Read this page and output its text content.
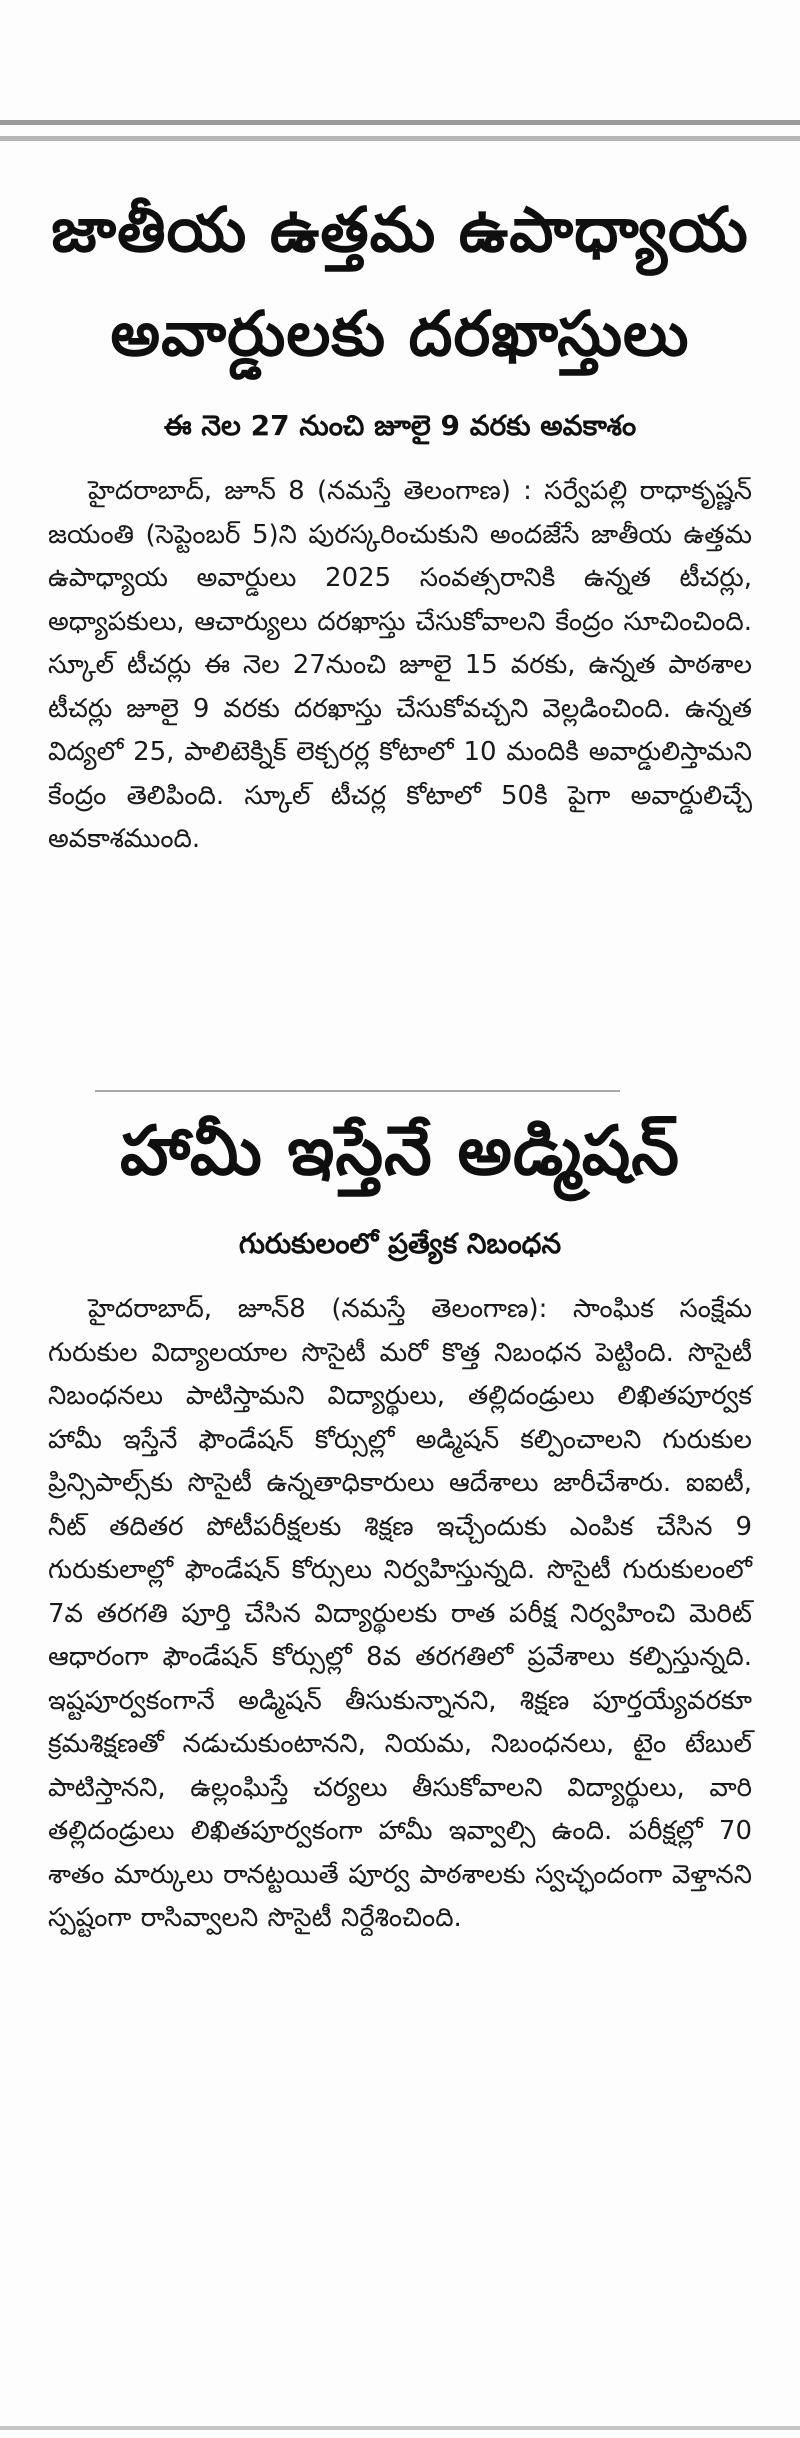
జాతీయ ఉత్తమ ఉపాధ్యాయ
అవార్డులకు దరఖాస్తులు
ఈ నెల 27 నుంచి జూలై 9 వరకు అవకాశం

హైదరాబాద్, జూన్ 8 (నమస్తే తెలంగాణ) : సర్వేపల్లి రాధాకృష్ణన్ జయంతి (సెప్టెంబర్ 5)ని పురస్కరించుకుని అందజేసే జాతీయ ఉత్తమ ఉపాధ్యాయ అవార్డులు 2025 సంవత్సరానికి ఉన్నత టీచర్లు, అధ్యాపకులు, ఆచార్యులు దరఖాస్తు చేసుకోవాలని కేంద్రం సూచించింది. స్కూల్ టీచర్లు ఈ నెల 27నుంచి జూలై 15 వరకు, ఉన్నత పాఠశాల టీచర్లు జూలై 9 వరకు దరఖాస్తు చేసుకోవచ్చని వెల్లడించింది. ఉన్నత విద్యలో 25, పాలిటెక్నిక్ లెక్చరర్ల కోటాలో 10 మందికి అవార్డులిస్తామని కేంద్రం తెలిపింది. స్కూల్ టీచర్ల కోటాలో 50కి పైగా అవార్డులిచ్చే అవకాశముంది.

హామీ ఇస్తేనే అడ్మిషన్
గురుకులంలో ప్రత్యేక నిబంధన

హైదరాబాద్, జూన్8 (నమస్తే తెలంగాణ): సాంఘిక సంక్షేమ గురుకుల విద్యాలయాల సొసైటీ మరో కొత్త నిబంధన పెట్టింది. సొసైటీ నిబంధనలు పాటిస్తామని విద్యార్థులు, తల్లిదండ్రులు లిఖితపూర్వక హామీ ఇస్తేనే ఫౌండేషన్ కోర్సుల్లో అడ్మిషన్ కల్పించాలని గురుకుల ప్రిన్సిపాల్స్‌కు సొసైటీ ఉన్నతాధికారులు ఆదేశాలు జారీచేశారు. ఐఐటీ, నీట్ తదితర పోటీపరీక్షలకు శిక్షణ ఇచ్చేందుకు ఎంపిక చేసిన 9 గురుకులాల్లో ఫౌండేషన్ కోర్సులు నిర్వహిస్తున్నది. సొసైటీ గురుకులంలో 7వ తరగతి పూర్తి చేసిన విద్యార్థులకు రాత పరీక్ష నిర్వహించి మెరిట్ ఆధారంగా ఫౌండేషన్ కోర్సుల్లో 8వ తరగతిలో ప్రవేశాలు కల్పిస్తున్నది. ఇష్టపూర్వకంగానే అడ్మిషన్ తీసుకున్నానని, శిక్షణ పూర్తయ్యేవరకూ క్రమశిక్షణతో నడుచుకుంటానని, నియమ, నిబంధనలు, టైం టేబుల్ పాటిస్తానని, ఉల్లంఘిస్తే చర్యలు తీసుకోవాలని విద్యార్థులు, వారి తల్లిదండ్రులు లిఖితపూర్వకంగా హామీ ఇవ్వాల్సి ఉంది. పరీక్షల్లో 70 శాతం మార్కులు రానట్టయితే పూర్వ పాఠశాలకు స్వచ్ఛందంగా వెళ్తానని స్పష్టంగా రాసివ్వాలని సొసైటీ నిర్దేశించింది.
